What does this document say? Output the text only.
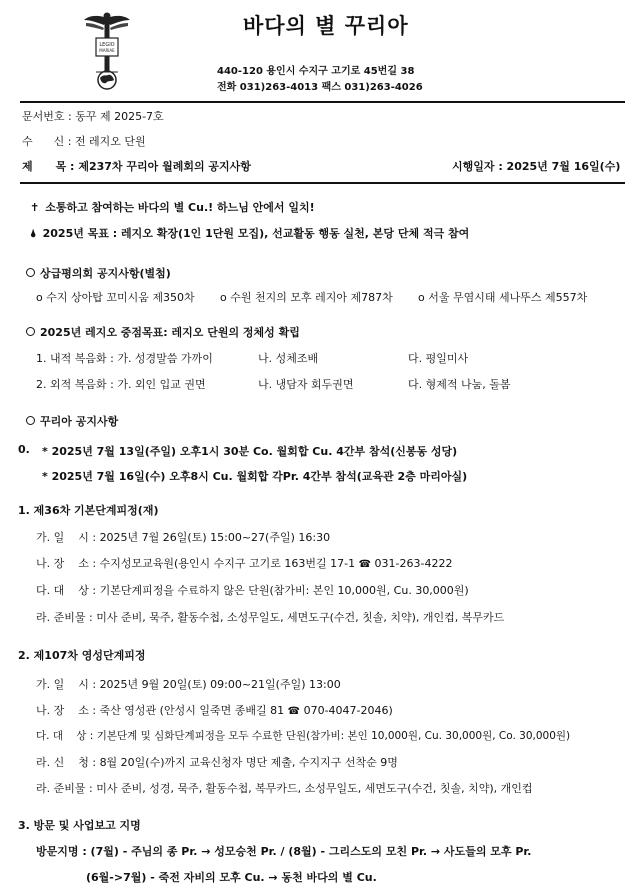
LEGIO
MARIAE
바다의 별 꾸리아
440-120 용인시 수지구 고기로 45번길 38
전화 031)263-4013 팩스 031)263-4026
문서번호 : 동꾸 제 2025-7호
수      신 : 전 레지오 단원
제      목 : 제237차 꾸리아 월례회의 공지사항	시행일자 : 2025년 7월 16일(수)
✝ 소통하고 참여하는 바다의 별 Cu.! 하느님 안에서 일치!
🌢 2025년 목표 : 레지오 확장(1인 1단원 모집), 선교활동 행동 실천, 본당 단체 적극 참여
상급평의회 공지사항(별첨)
o 수지 상아탑 꼬미시움 제350차 o 수원 천지의 모후 레지아 제787차 o 서울 무염시태 세나뚜스 제557차
2025년 레지오 중점목표: 레지오 단원의 정체성 확립
1. 내적 복음화 : 가. 성경말씀 가까이	나. 성체조배	다. 평일미사
2. 외적 복음화 : 가. 외인 입교 권면	나. 냉담자 회두권면	다. 형제적 나눔, 돌봄
꾸리아 공지사항
0. * 2025년 7월 13일(주일) 오후1시 30분 Co. 월회합 Cu. 4간부 참석(신봉동 성당)
* 2025년 7월 16일(수) 오후8시 Cu. 월회합 각Pr. 4간부 참석(교육관 2층 마리아실)
1. 제36차 기본단계피정(재)
가. 일    시 : 2025년 7월 26일(토) 15:00~27(주일) 16:30
나. 장    소 : 수지성모교육원(용인시 수지구 고기로 163번길 17-1 ☎ 031-263-4222
다. 대    상 : 기본단계피정을 수료하지 않은 단원(참가비: 본인 10,000원, Cu. 30,000원)
라. 준비물 : 미사 준비, 묵주, 활동수첩, 소성무일도, 세면도구(수건, 칫솔, 치약), 개인컵, 복무카드
2. 제107차 영성단계피정
가. 일    시 : 2025년 9월 20일(토) 09:00~21일(주일) 13:00
나. 장    소 : 죽산 영성관 (안성시 일죽면 종배길 81 ☎ 070-4047-2046)
다. 대    상 : 기본단계 및 심화단계피정을 모두 수료한 단원(참가비: 본인 10,000원, Cu. 30,000원, Co. 30,000원)
라. 신    청 : 8월 20일(수)까지 교육신청자 명단 제출, 수지지구 선착순 9명
라. 준비물 : 미사 준비, 성경, 묵주, 활동수첩, 복무카드, 소성무일도, 세면도구(수건, 칫솔, 치약), 개인컵
3. 방문 및 사업보고 지명
방문지명 : (7월) - 주님의 종 Pr. → 성모승천 Pr. / (8월) - 그리스도의 모친 Pr. → 사도들의 모후 Pr.
(6월->7월) - 죽전 자비의 모후 Cu. → 동천 바다의 별 Cu.
